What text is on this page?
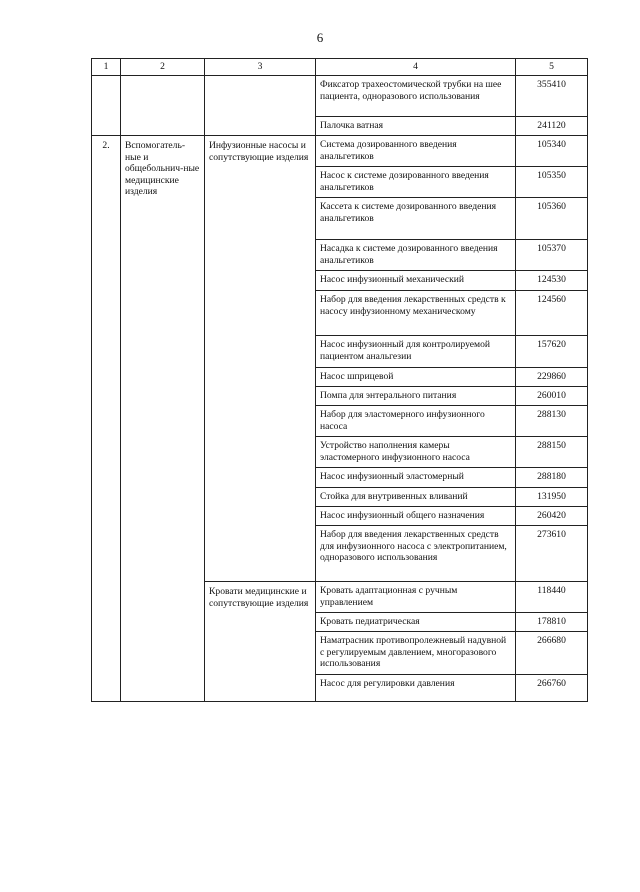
6
1	2	3	4	5
			Фиксатор трахеостомической трубки на шее пациента, одноразового использования	355410
			Палочка ватная	241120
2.	Вспомогатель-ные и общебольнич-ные медицинские изделия	Инфузионные насосы и сопутствующие изделия	Система дозированного введения анальгетиков	105340
			Насос к системе дозированного введения анальгетиков	105350
			Кассета к системе дозированного введения анальгетиков	105360
			Насадка к системе дозированного введения анальгетиков	105370
			Насос инфузионный механический	124530
			Набор для введения лекарственных средств к насосу инфузионному механическому	124560
			Насос инфузионный для контролируемой пациентом анальгезии	157620
			Насос шприцевой	229860
			Помпа для энтерального питания	260010
			Набор для эластомерного инфузионного насоса	288130
			Устройство наполнения камеры эластомерного инфузионного насоса	288150
			Насос инфузионный эластомерный	288180
			Стойка для внутривенных вливаний	131950
			Насос инфузионный общего назначения	260420
			Набор для введения лекарственных средств для инфузионного насоса с электропитанием, одноразового использования	273610
		Кровати медицинские и сопутствующие изделия	Кровать адаптационная с ручным управлением	118440
			Кровать педиатрическая	178810
			Наматрасник противопролежневый надувной с регулируемым давлением, многоразового использования	266680
			Насос для регулировки давления	266760
